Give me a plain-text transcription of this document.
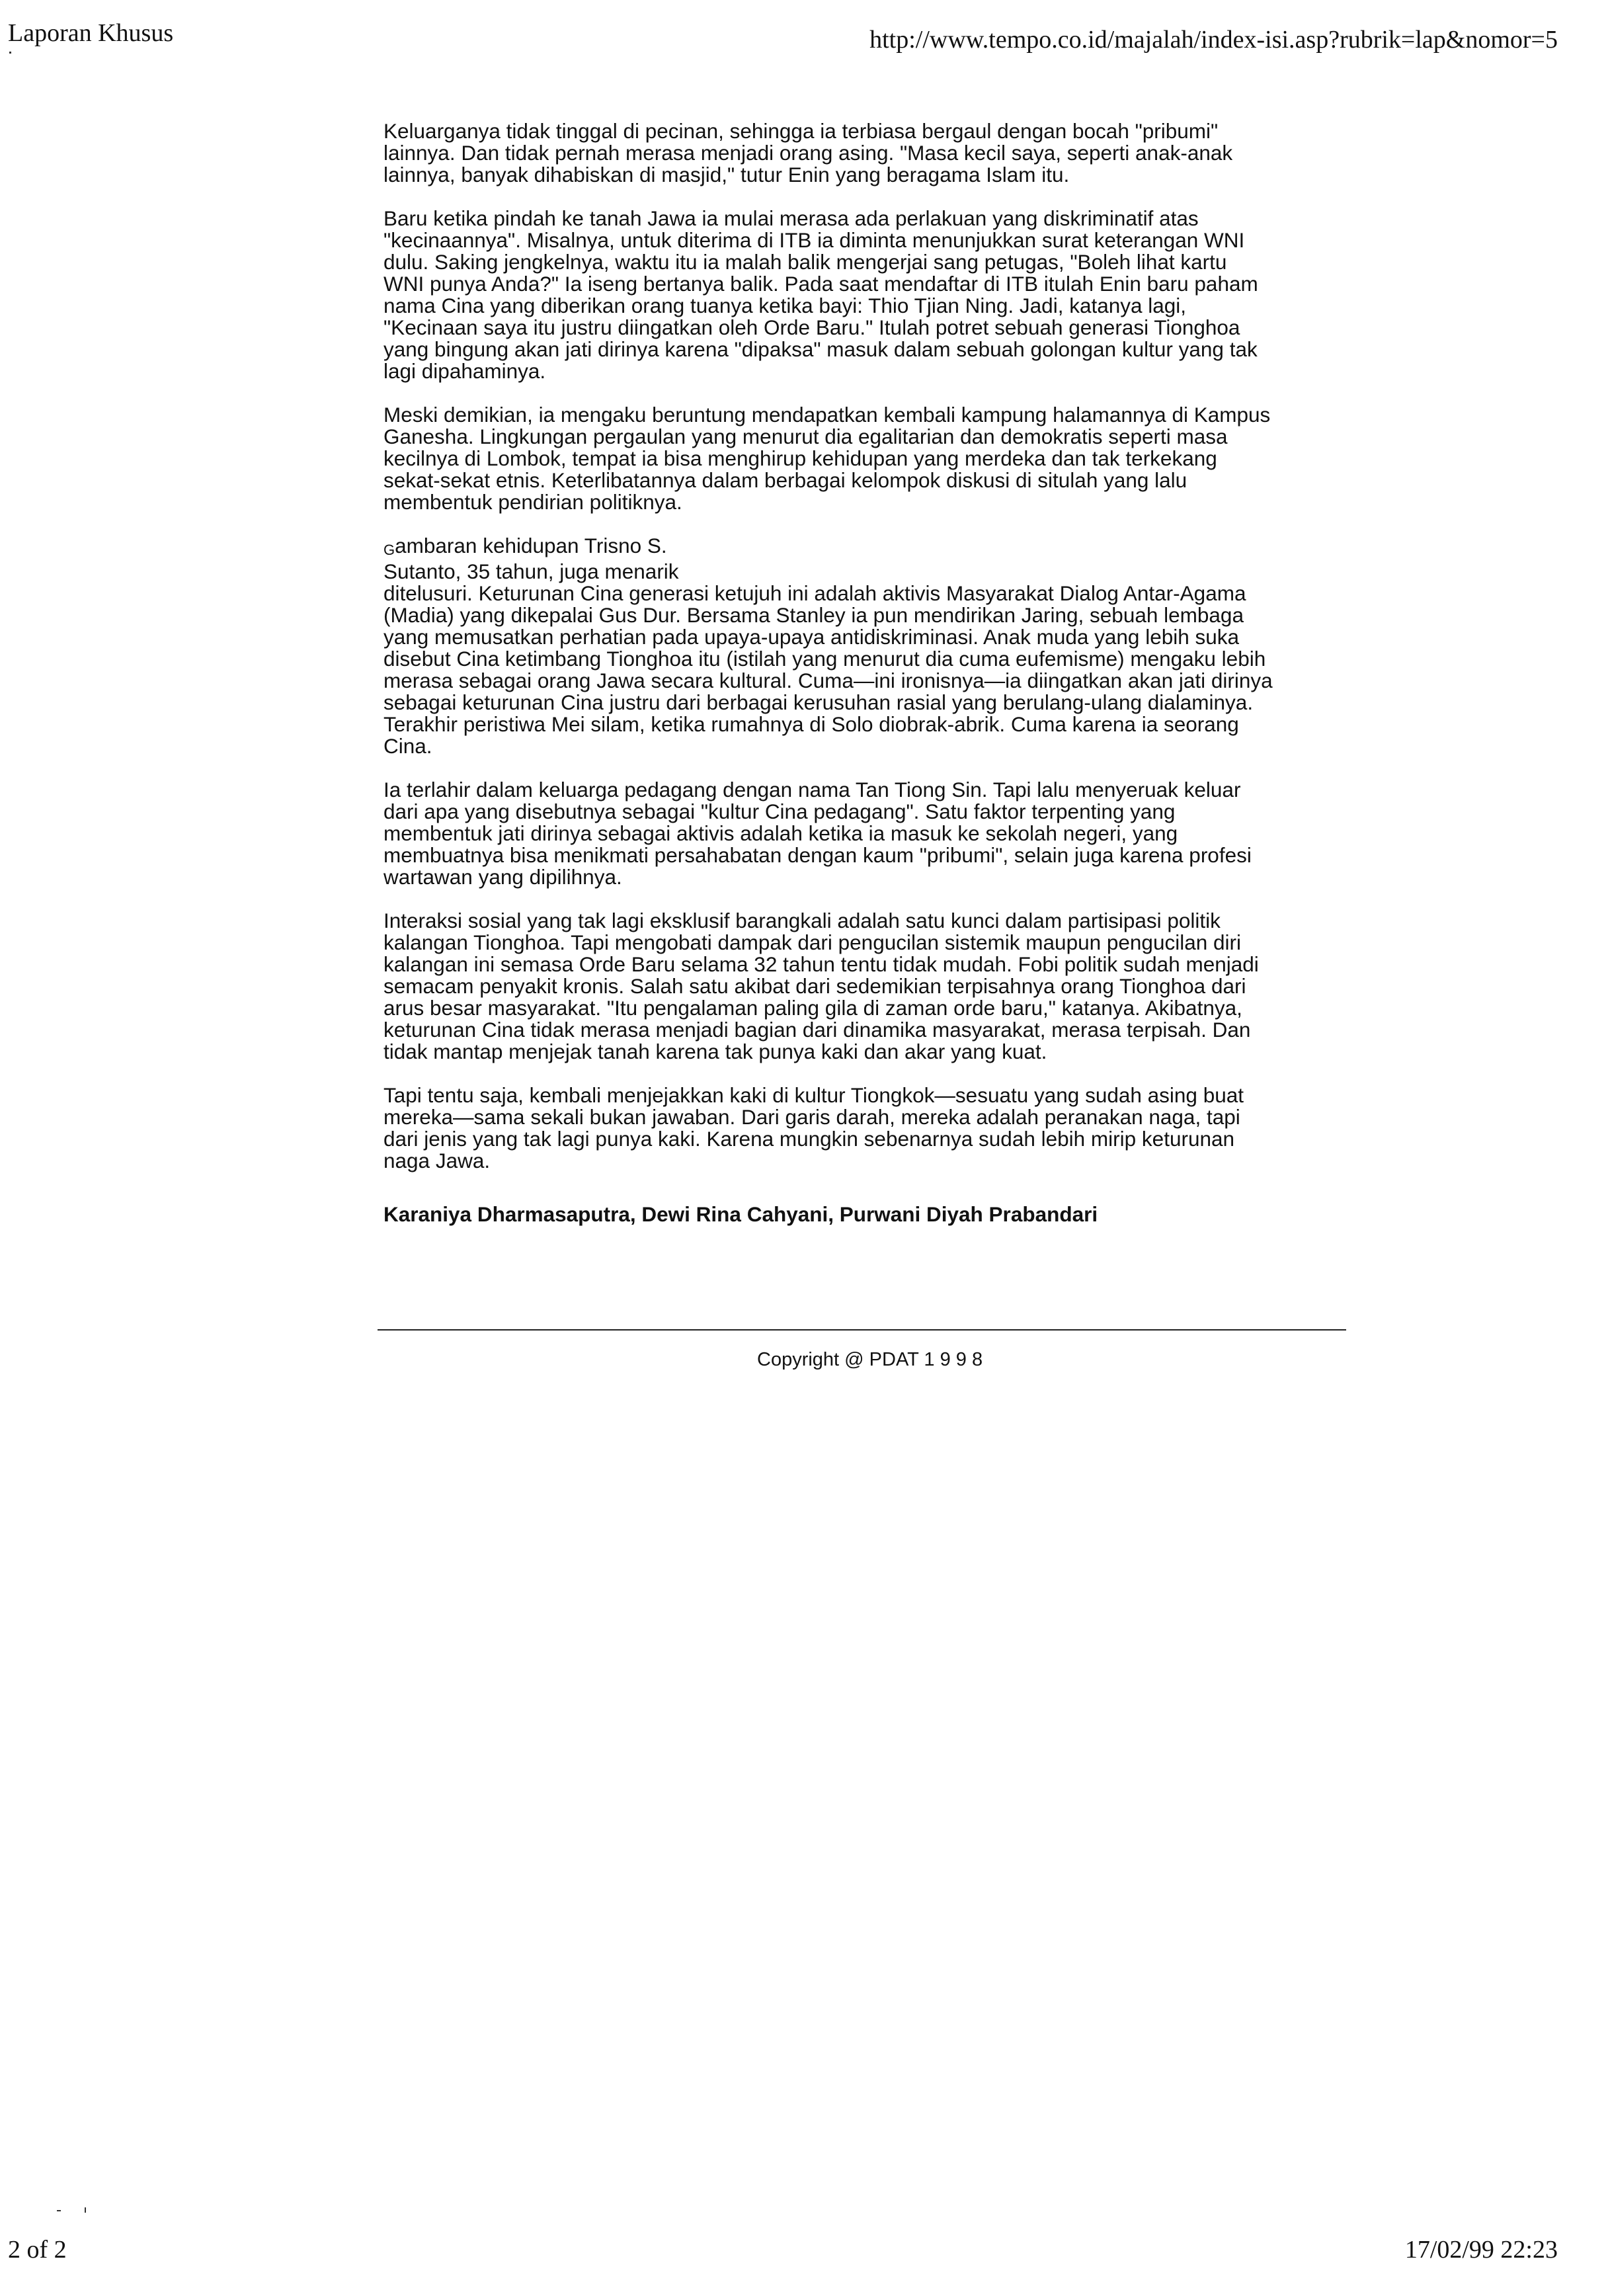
Laporan Khusus	http://www.tempo.co.id/majalah/index-isi.asp?rubrik=lap&nomor=5

Keluarganya tidak tinggal di pecinan, sehingga ia terbiasa bergaul dengan bocah "pribumi" lainnya. Dan tidak pernah merasa menjadi orang asing. "Masa kecil saya, seperti anak-anak lainnya, banyak dihabiskan di masjid," tutur Enin yang beragama Islam itu.

Baru ketika pindah ke tanah Jawa ia mulai merasa ada perlakuan yang diskriminatif atas "kecinaannya". Misalnya, untuk diterima di ITB ia diminta menunjukkan surat keterangan WNI dulu. Saking jengkelnya, waktu itu ia malah balik mengerjai sang petugas, "Boleh lihat kartu WNI punya Anda?" Ia iseng bertanya balik. Pada saat mendaftar di ITB itulah Enin baru paham nama Cina yang diberikan orang tuanya ketika bayi: Thio Tjian Ning. Jadi, katanya lagi, "Kecinaan saya itu justru diingatkan oleh Orde Baru." Itulah potret sebuah generasi Tionghoa yang bingung akan jati dirinya karena "dipaksa" masuk dalam sebuah golongan kultur yang tak lagi dipahaminya.

Meski demikian, ia mengaku beruntung mendapatkan kembali kampung halamannya di Kampus Ganesha. Lingkungan pergaulan yang menurut dia egalitarian dan demokratis seperti masa kecilnya di Lombok, tempat ia bisa menghirup kehidupan yang merdeka dan tak terkekang sekat-sekat etnis. Keterlibatannya dalam berbagai kelompok diskusi di situlah yang lalu membentuk pendirian politiknya.

Gambaran kehidupan Trisno S.
Sutanto, 35 tahun, juga menarik
ditelusuri. Keturunan Cina generasi ketujuh ini adalah aktivis Masyarakat Dialog Antar-Agama (Madia) yang dikepalai Gus Dur. Bersama Stanley ia pun mendirikan Jaring, sebuah lembaga yang memusatkan perhatian pada upaya-upaya antidiskriminasi. Anak muda yang lebih suka disebut Cina ketimbang Tionghoa itu (istilah yang menurut dia cuma eufemisme) mengaku lebih merasa sebagai orang Jawa secara kultural. Cuma—ini ironisnya—ia diingatkan akan jati dirinya sebagai keturunan Cina justru dari berbagai kerusuhan rasial yang berulang-ulang dialaminya. Terakhir peristiwa Mei silam, ketika rumahnya di Solo diobrak-abrik. Cuma karena ia seorang Cina.

Ia terlahir dalam keluarga pedagang dengan nama Tan Tiong Sin. Tapi lalu menyeruak keluar dari apa yang disebutnya sebagai "kultur Cina pedagang". Satu faktor terpenting yang membentuk jati dirinya sebagai aktivis adalah ketika ia masuk ke sekolah negeri, yang membuatnya bisa menikmati persahabatan dengan kaum "pribumi", selain juga karena profesi wartawan yang dipilihnya.

Interaksi sosial yang tak lagi eksklusif barangkali adalah satu kunci dalam partisipasi politik kalangan Tionghoa. Tapi mengobati dampak dari pengucilan sistemik maupun pengucilan diri kalangan ini semasa Orde Baru selama 32 tahun tentu tidak mudah. Fobi politik sudah menjadi semacam penyakit kronis. Salah satu akibat dari sedemikian terpisahnya orang Tionghoa dari arus besar masyarakat. "Itu pengalaman paling gila di zaman orde baru," katanya. Akibatnya, keturunan Cina tidak merasa menjadi bagian dari dinamika masyarakat, merasa terpisah. Dan tidak mantap menjejak tanah karena tak punya kaki dan akar yang kuat.

Tapi tentu saja, kembali menjejakkan kaki di kultur Tiongkok—sesuatu yang sudah asing buat mereka—sama sekali bukan jawaban. Dari garis darah, mereka adalah peranakan naga, tapi dari jenis yang tak lagi punya kaki. Karena mungkin sebenarnya sudah lebih mirip keturunan naga Jawa.

Karaniya Dharmasaputra, Dewi Rina Cahyani, Purwani Diyah Prabandari
Copyright @ PDAT 1 9 9 8
2 of 2	17/02/99 22:23
